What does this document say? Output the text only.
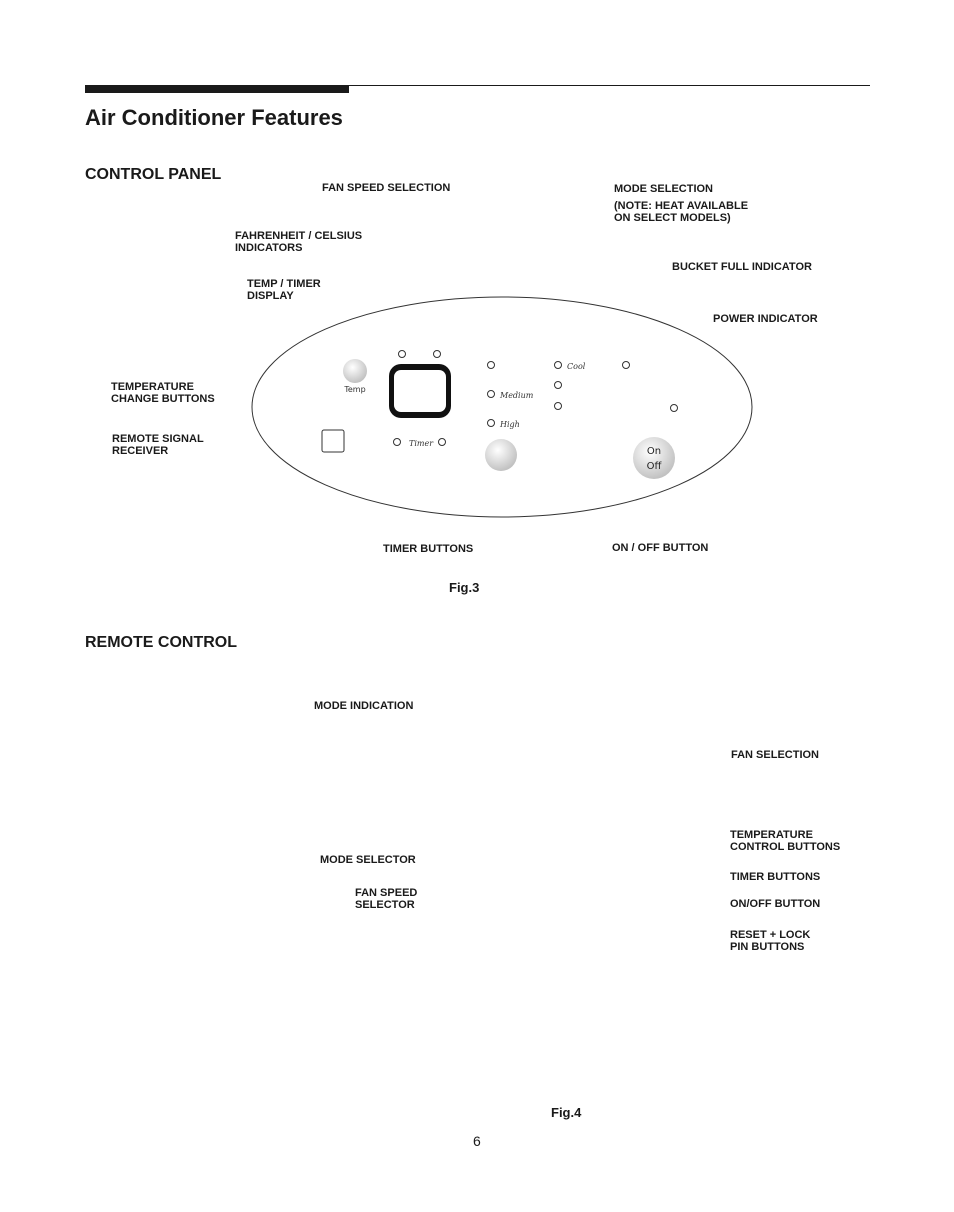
Air Conditioner Features
CONTROL PANEL
FAN SPEED SELECTION	MODE SELECTION
(NOTE: HEAT AVAILABLE
ON SELECT MODELS)
FAHRENHEIT / CELSIUS
INDICATORS
BUCKET FULL INDICATOR
TEMP / TIMER
DISPLAY
POWER INDICATOR
TEMPERATURE
CHANGE BUTTONS
REMOTE SIGNAL
RECEIVER
TIMER BUTTONS	ON / OFF BUTTON
Temp
Timer
Medium
High
Cool
On
Off
Fig.3
REMOTE CONTROL
MODE INDICATION
FAN SELECTION
TEMPERATURE
CONTROL BUTTONS
MODE SELECTOR
TIMER BUTTONS
FAN SPEED
SELECTOR	ON/OFF BUTTON
RESET + LOCK
PIN BUTTONS
Fig.4
6
